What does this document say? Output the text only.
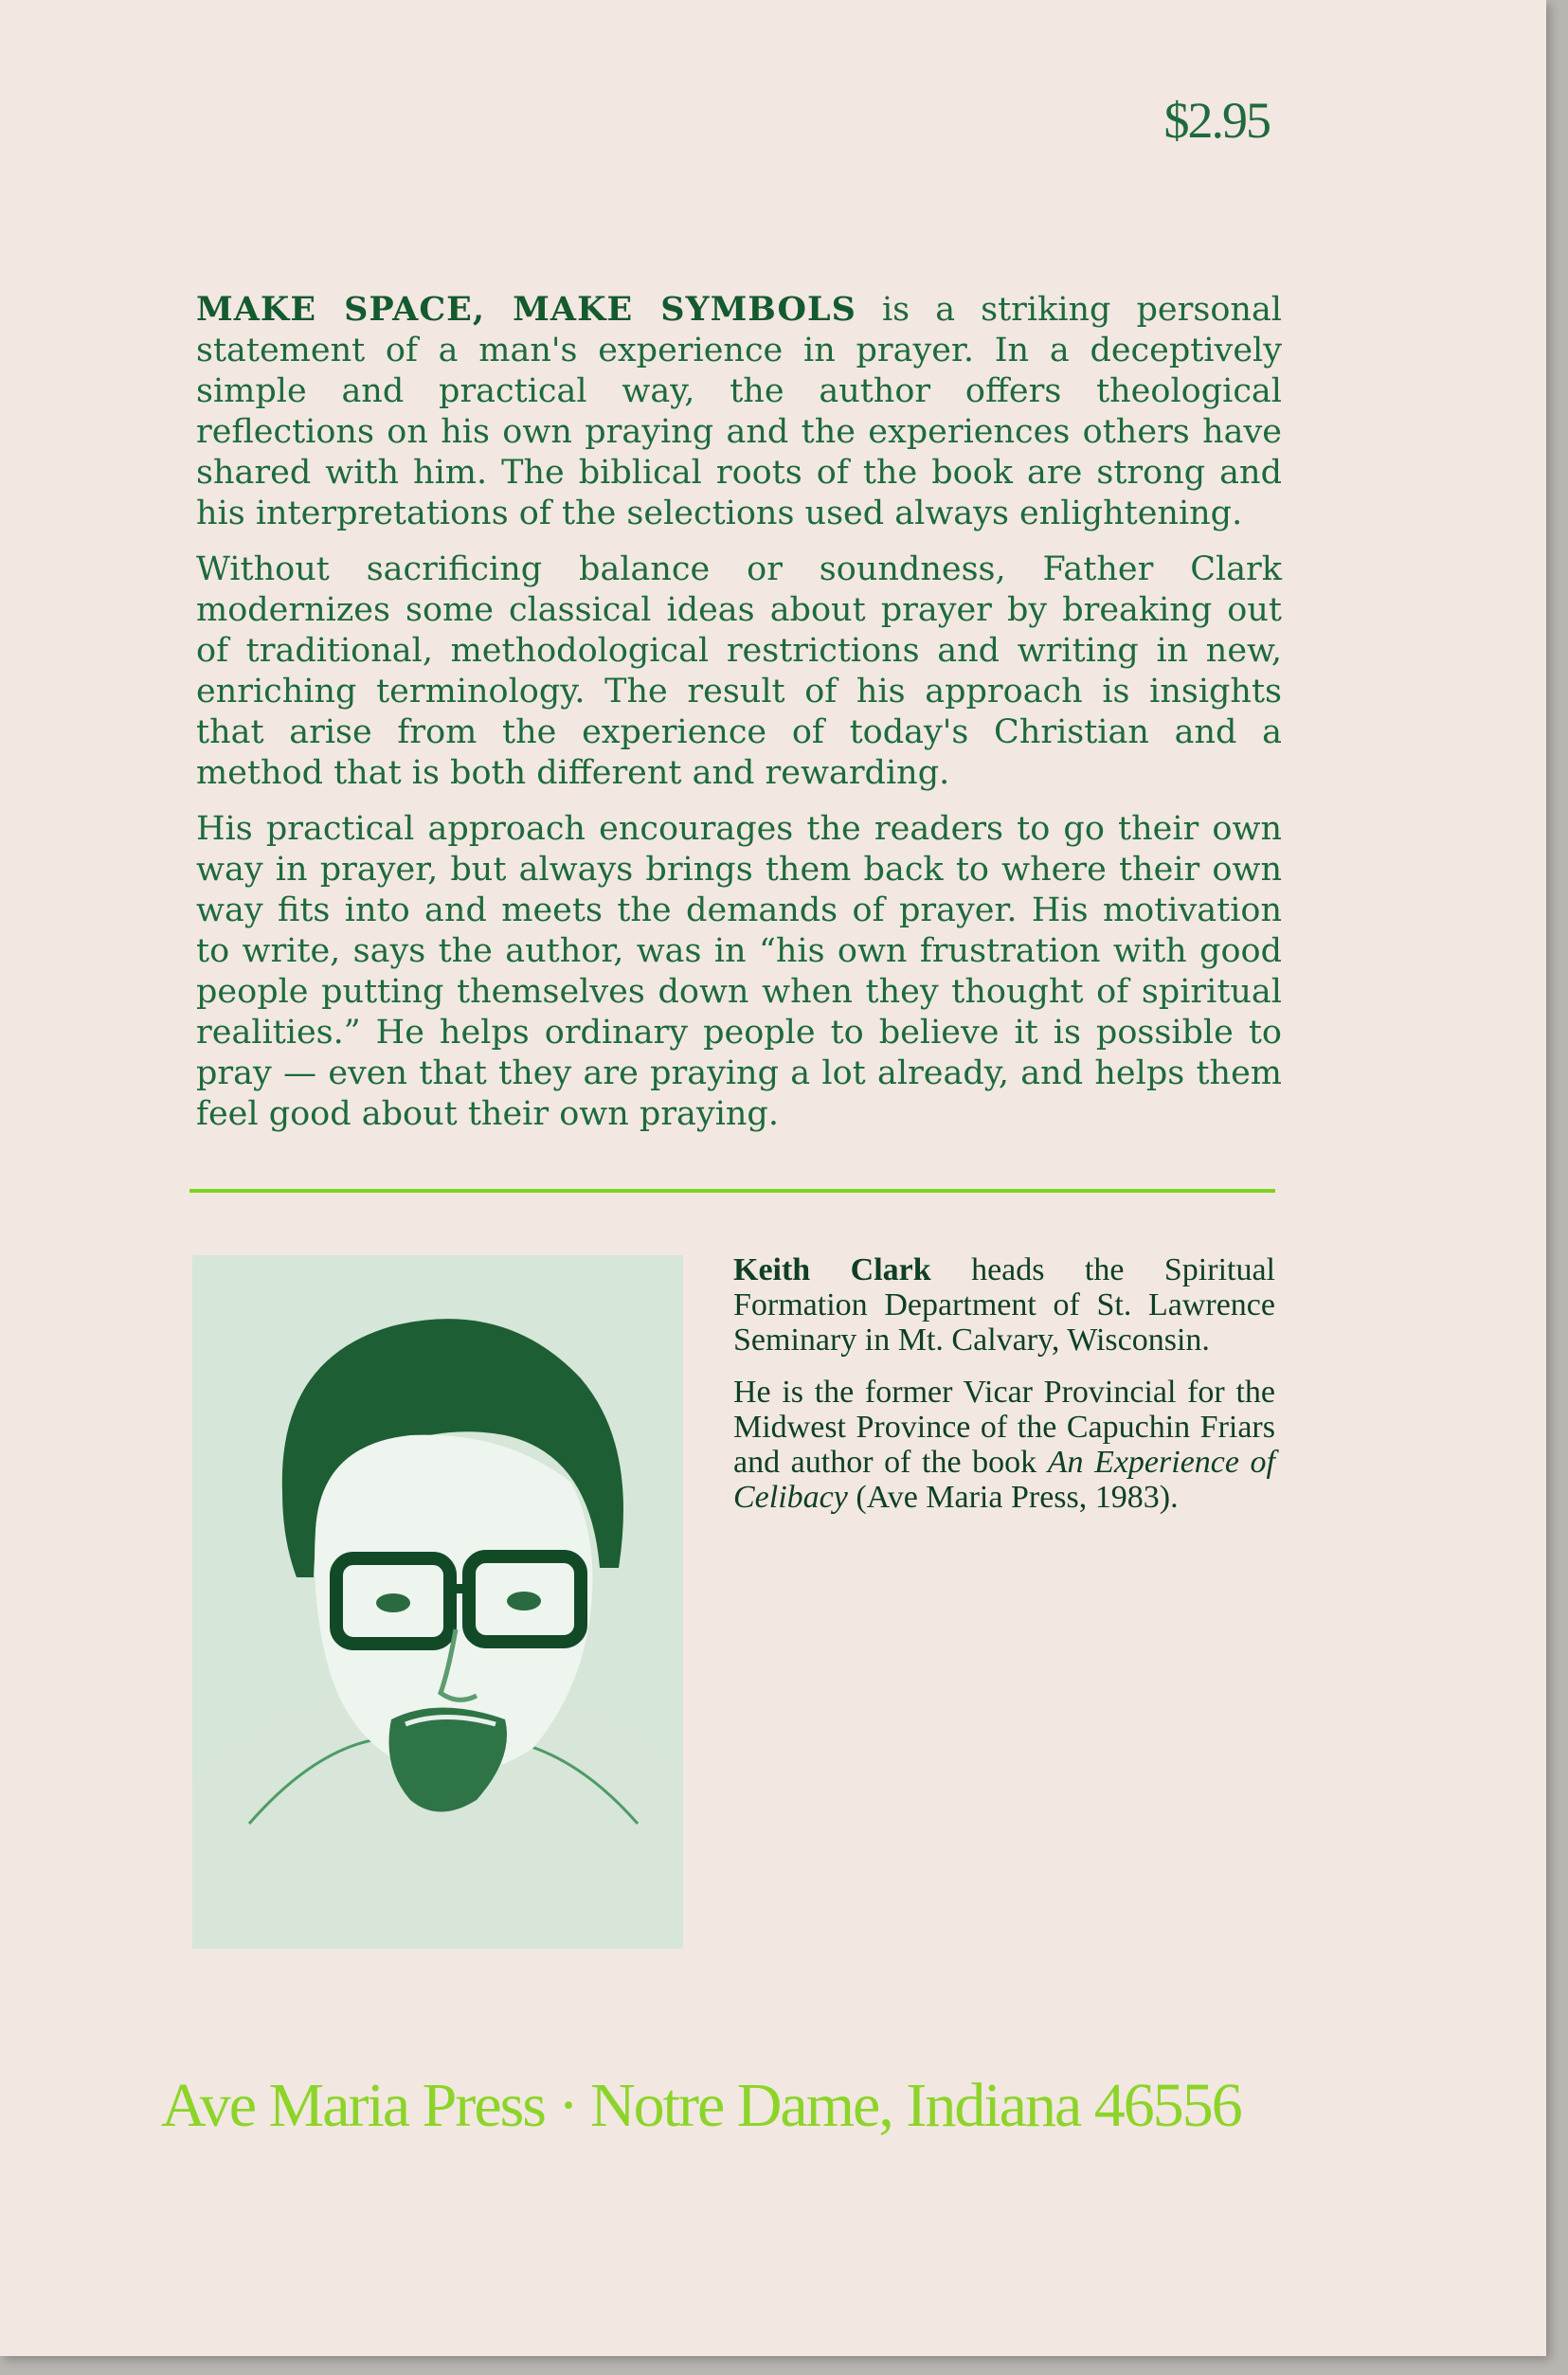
$2.95

MAKE SPACE, MAKE SYMBOLS is a striking personal statement of a man's experience in prayer. In a deceptively simple and practical way, the author offers theological reflections on his own praying and the experiences others have shared with him. The biblical roots of the book are strong and his interpretations of the selections used always enlightening.

Without sacrificing balance or soundness, Father Clark modernizes some classical ideas about prayer by breaking out of traditional, methodological restrictions and writing in new, enriching terminology. The result of his approach is insights that arise from the experience of today's Christian and a method that is both different and rewarding.

His practical approach encourages the readers to go their own way in prayer, but always brings them back to where their own way fits into and meets the demands of prayer. His motivation to write, says the author, was in “his own frustration with good people putting themselves down when they thought of spiritual realities.” He helps ordinary people to believe it is possible to pray — even that they are praying a lot already, and helps them feel good about their own praying.

Keith Clark heads the Spiritual Formation Department of St. Lawrence Seminary in Mt. Calvary, Wisconsin.

He is the former Vicar Provincial for the Midwest Province of the Capuchin Friars and author of the book An Experience of Celibacy (Ave Maria Press, 1983).

Ave Maria Press · Notre Dame, Indiana 46556
